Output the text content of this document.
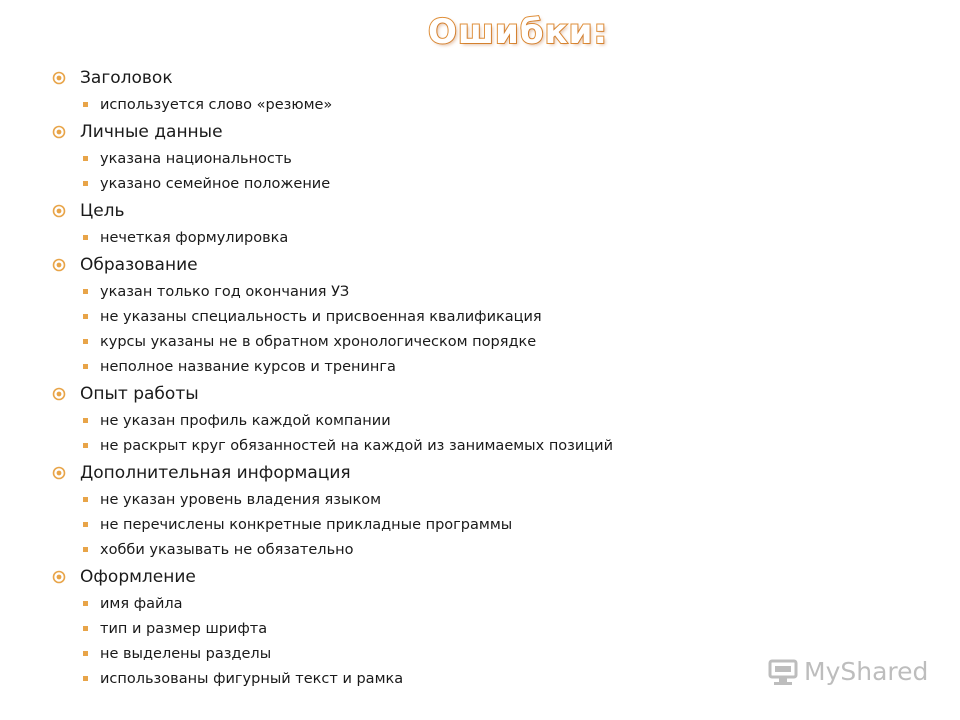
Ошибки:
Заголовок
используется слово «резюме»
Личные данные
указана национальность
указано семейное положение
Цель
нечеткая формулировка
Образование
указан только год окончания УЗ
не указаны специальность и присвоенная квалификация
курсы указаны не в обратном хронологическом порядке
неполное название курсов и тренинга
Опыт работы
не указан профиль каждой компании
не раскрыт круг обязанностей на каждой из занимаемых позиций
Дополнительная информация
не указан уровень владения языком
не перечислены конкретные прикладные программы
хобби указывать не обязательно
Оформление
имя файла
тип и размер шрифта
не выделены разделы
использованы фигурный текст и рамка	MyShared
